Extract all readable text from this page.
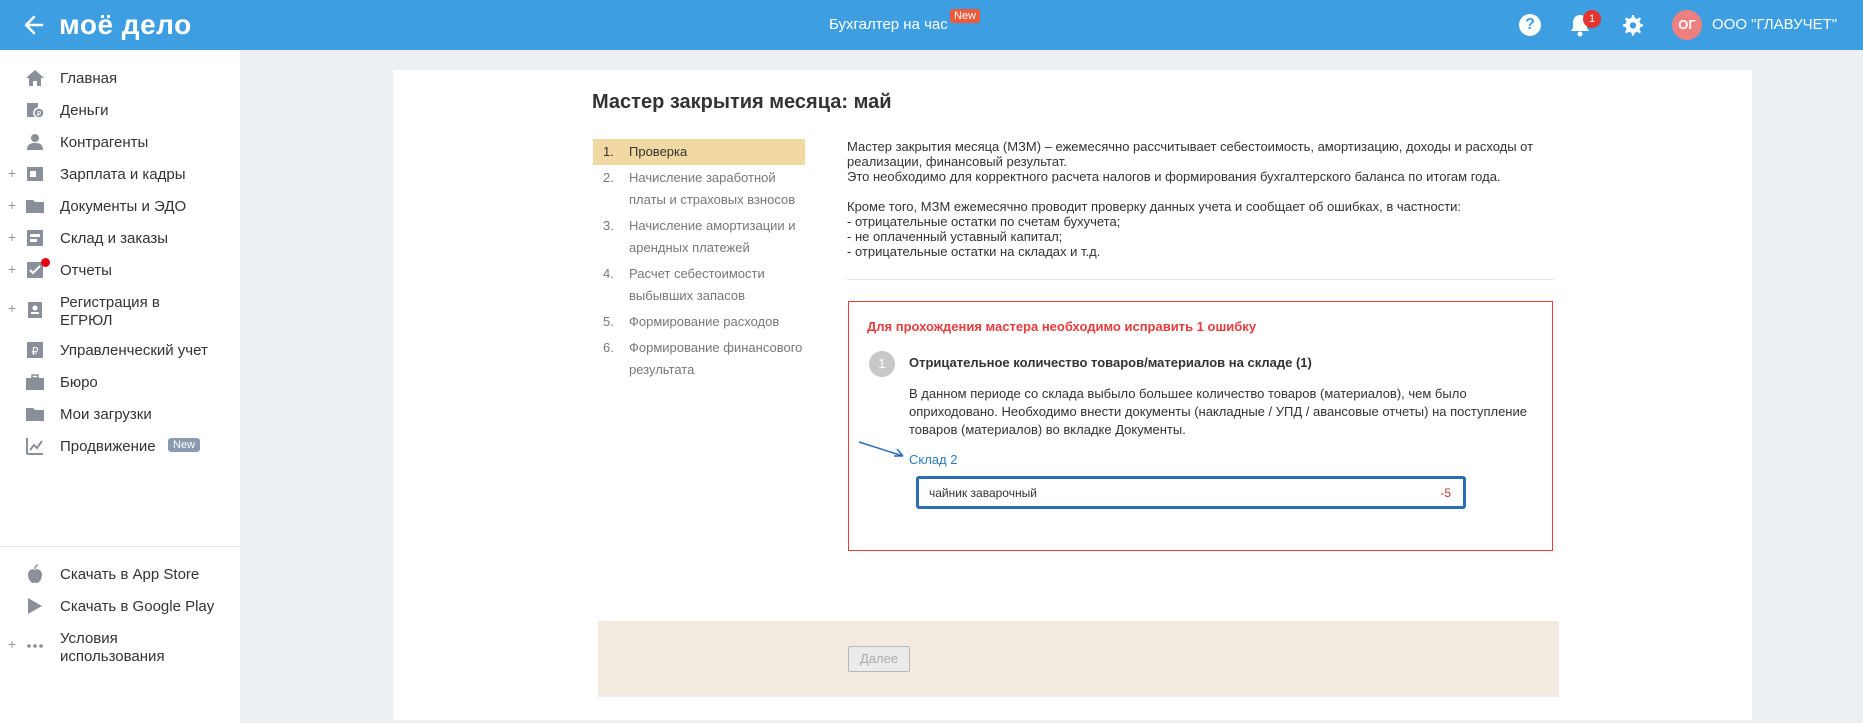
моё дело	Бухгалтер на час New	?	1	ОГ	ООО "ГЛАВУЧЕТ"
Главная
₽ Деньги
Контрагенты
+	Зарплата и кадры
+	Документы и ЭДО
+	Склад и заказы
+	Отчеты
+	Регистрация в
ЕГРЮЛ
₽ Управленческий учет
Бюро
Мои загрузки
Продвижение	New
Скачать в App Store
Скачать в Google Play
+	Условия
использования
Мастер закрытия месяца: май
1. Проверка
2. Начисление заработной
платы и страховых взносов
3. Начисление амортизации и
арендных платежей
4. Расчет себестоимости
выбывших запасов
5. Формирование расходов
6. Формирование финансового
результата

Мастер закрытия месяца (МЗМ) – ежемесячно рассчитывает себестоимость, амортизацию, доходы и расходы от
реализации, финансовый результат.
Это необходимо для корректного расчета налогов и формирования бухгалтерского баланса по итогам года.

Кроме того, МЗМ ежемесячно проводит проверку данных учета и сообщает об ошибках, в частности:
- отрицательные остатки по счетам бухучета;
- не оплаченный уставный капитал;
- отрицательные остатки на складах и т.д.

Для прохождения мастера необходимо исправить 1 ошибку
1	Отрицательное количество товаров/материалов на складе (1)
В данном периоде со склада выбыло большее количество товаров (материалов), чем было
оприходовано. Необходимо внести документы (накладные / УПД / авансовые отчеты) на поступление
товаров (материалов) во вкладке Документы.
Склад 2
чайник заварочный	-5
Далее
